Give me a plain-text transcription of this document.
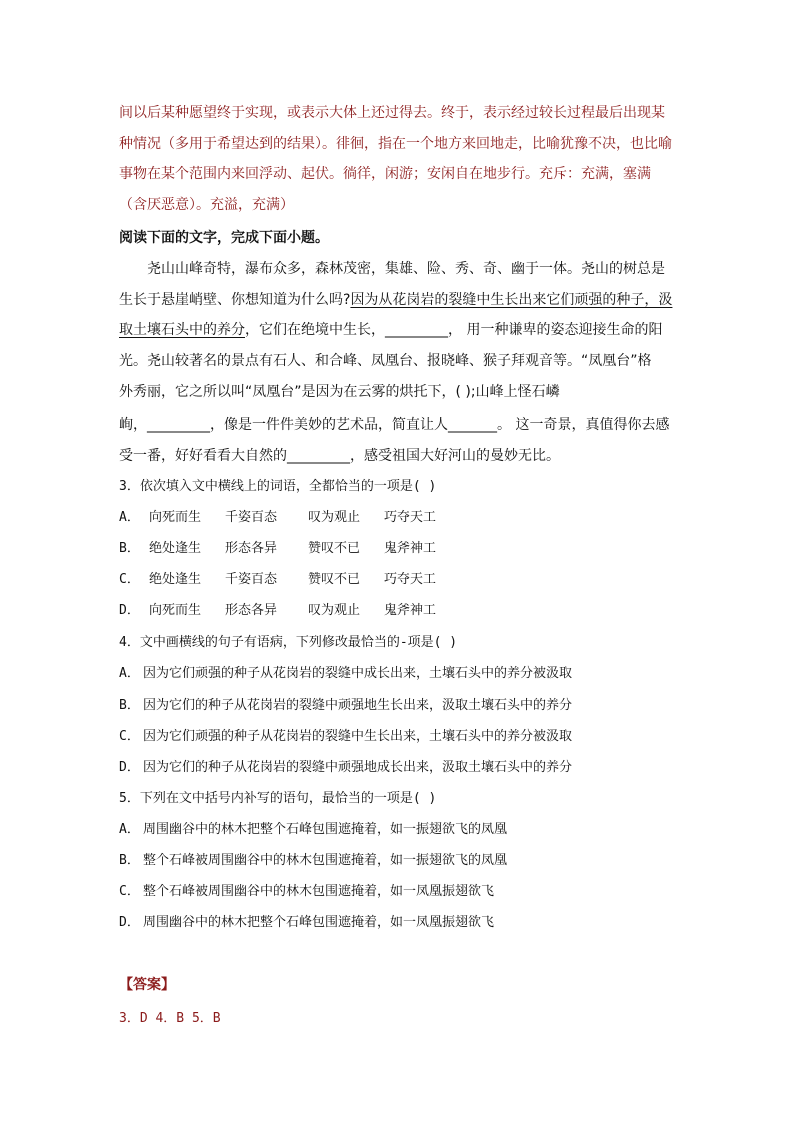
间以后某种愿望终于实现，或表示大体上还过得去。终于，表示经过较长过程最后出现某
种情况（多用于希望达到的结果）。徘徊，指在一个地方来回地走，比喻犹豫不决，也比喻
事物在某个范围内来回浮动、起伏。徜徉，闲游；安闲自在地步行。充斥：充满，塞满
（含厌恶意）。充溢，充满）
阅读下面的文字，完成下面小题。
尧山山峰奇特，瀑布众多，森林茂密，集雄、险、秀、奇、幽于一体。尧山的树总是
生长于悬崖峭壁、你想知道为什么吗?因为从花岗岩的裂缝中生长出来它们顽强的种子，汲
取土壤石头中的养分，它们在绝境中生长，_________， 用一种谦卑的姿态迎接生命的阳
光。尧山较著名的景点有石人、和合峰、凤凰台、报晓峰、猴子拜观音等。“凤凰台”格
外秀丽，它之所以叫“凤凰台”是因为在云雾的烘托下，( );山峰上怪石嶙
峋，_________，像是一件件美妙的艺术品，简直让人_______。 这一奇景，真值得你去感
受一番，好好看看大自然的_________，感受祖国大好河山的曼妙无比。
3．依次填入文中横线上的词语，全都恰当的一项是( )
A． 向死而生 千姿百态 叹为观止 巧夺天工
B． 绝处逢生 形态各异 赞叹不已 鬼斧神工
C． 绝处逢生 千姿百态 赞叹不已 巧夺天工
D． 向死而生 形态各异 叹为观止 鬼斧神工
4．文中画横线的句子有语病，下列修改最恰当的-项是( )
A． 因为它们顽强的种子从花岗岩的裂缝中成长出来，土壤石头中的养分被汲取
B． 因为它们的种子从花岗岩的裂缝中顽强地生长出来，汲取土壤石头中的养分
C． 因为它们顽强的种子从花岗岩的裂缝中生长出来，土壤石头中的养分被汲取
D． 因为它们的种子从花岗岩的裂缝中顽强地成长出来，汲取土壤石头中的养分
5．下列在文中括号内补写的语句，最恰当的一项是( )
A． 周围幽谷中的林木把整个石峰包围遮掩着，如一振翅欲飞的凤凰
B． 整个石峰被周围幽谷中的林木包围遮掩着，如一振翅欲飞的凤凰
C． 整个石峰被周围幽谷中的林木包围遮掩着，如一凤凰振翅欲飞
D． 周围幽谷中的林木把整个石峰包围遮掩着，如一凤凰振翅欲飞
【答案】
3．D 4．B 5．B
